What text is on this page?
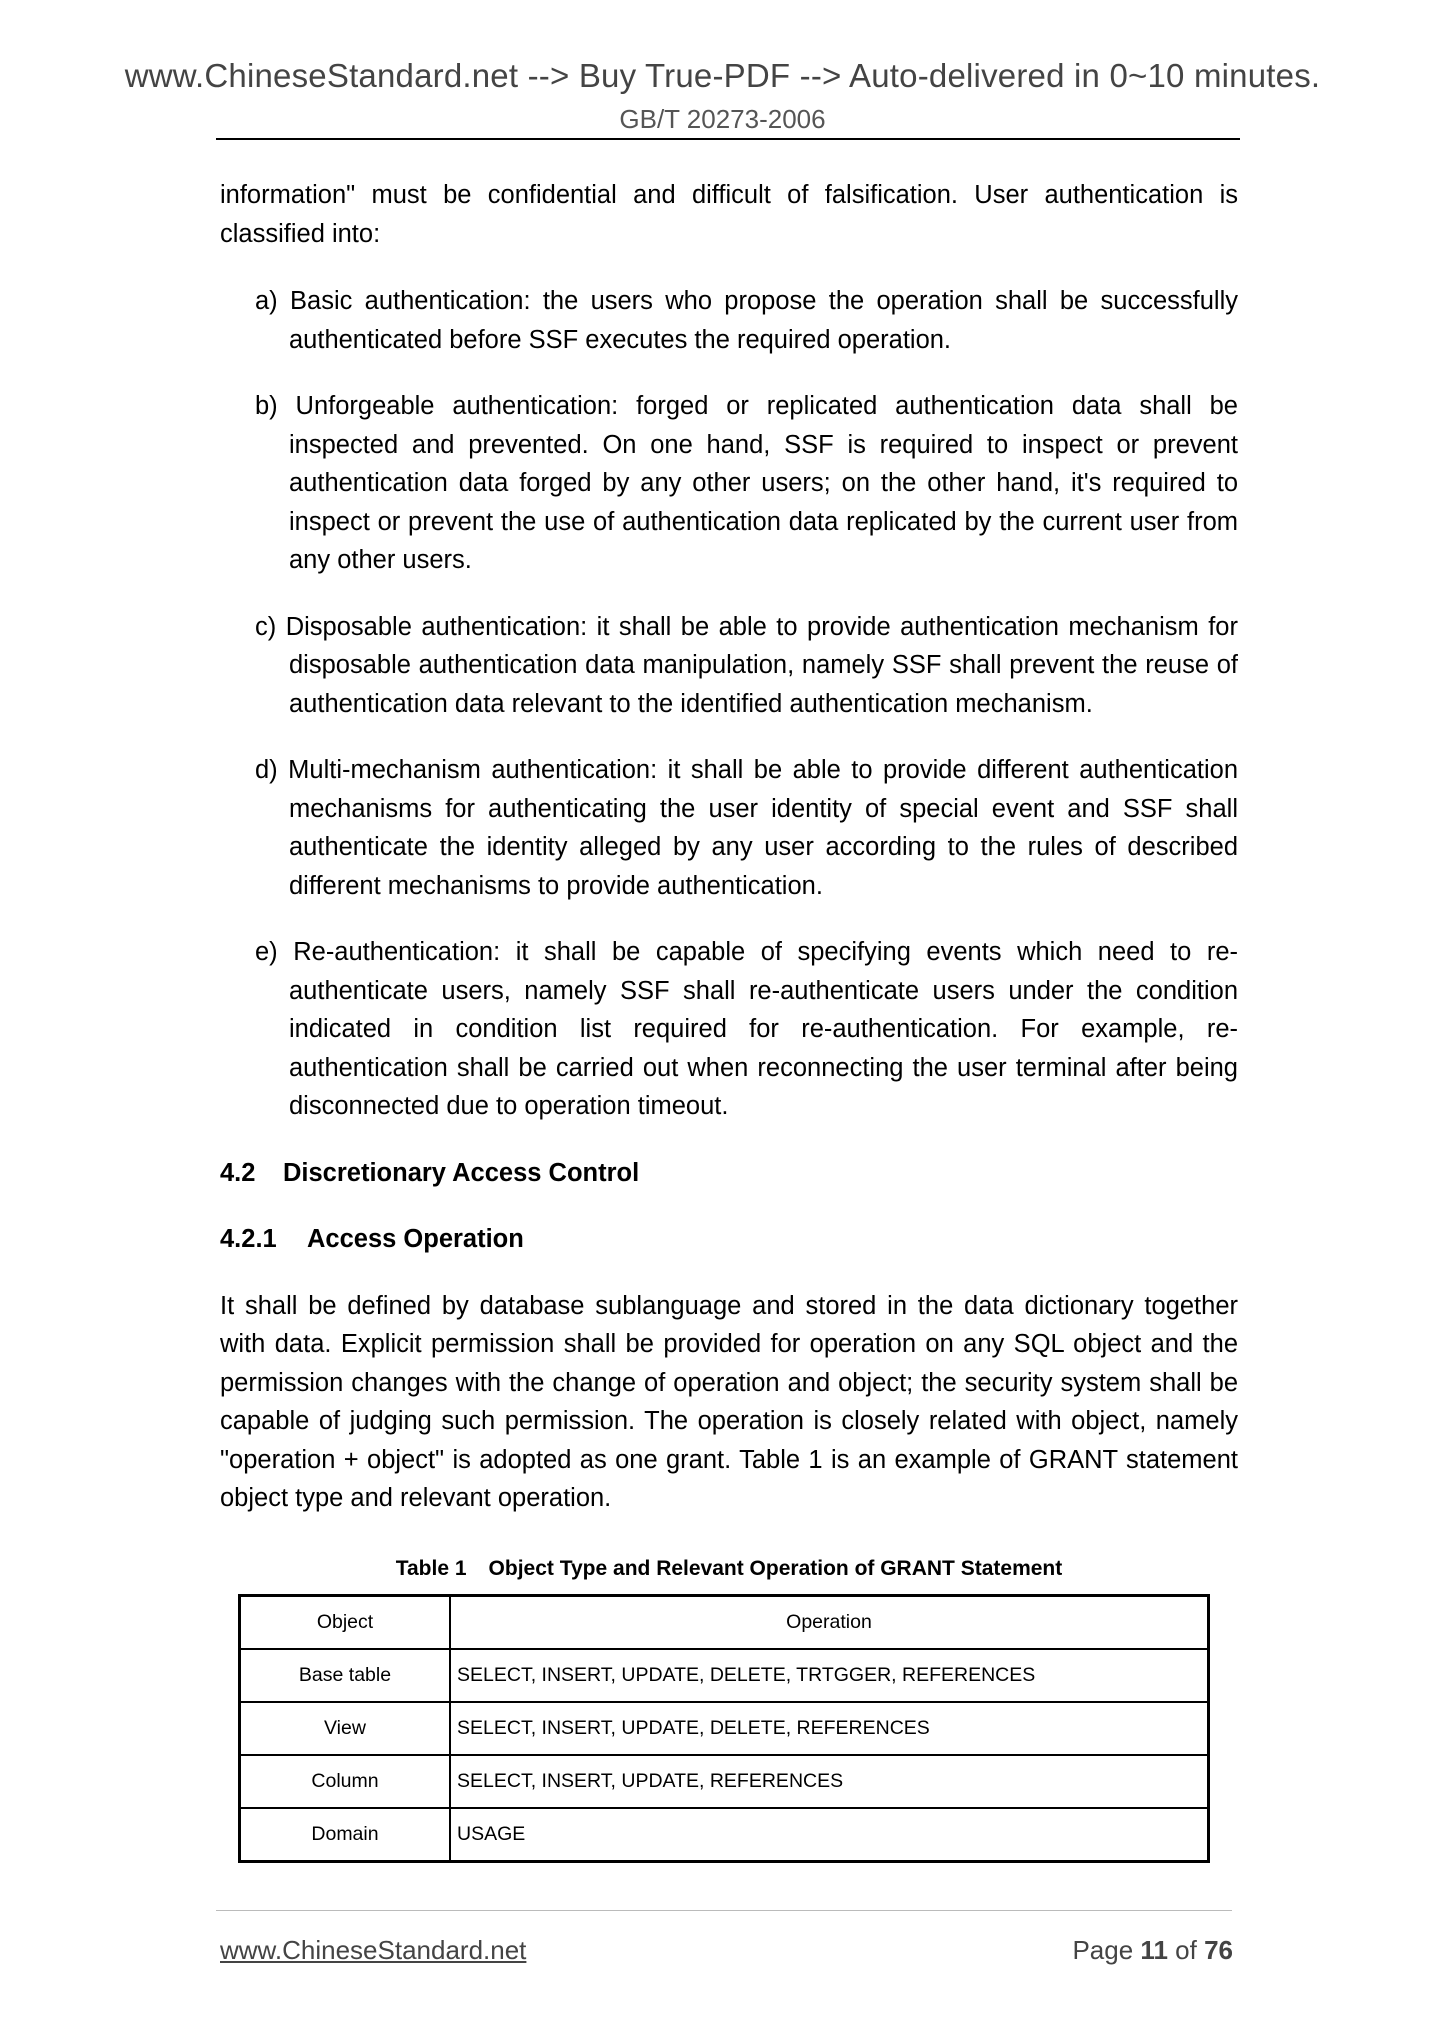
www.ChineseStandard.net --> Buy True-PDF --> Auto-delivered in 0~10 minutes.
GB/T 20273-2006

information" must be confidential and difficult of falsification. User authentication is classified into:

a) Basic authentication: the users who propose the operation shall be successfully authenticated before SSF executes the required operation.
b) Unforgeable authentication: forged or replicated authentication data shall be inspected and prevented. On one hand, SSF is required to inspect or prevent authentication data forged by any other users; on the other hand, it's required to inspect or prevent the use of authentication data replicated by the current user from any other users.
c) Disposable authentication: it shall be able to provide authentication mechanism for disposable authentication data manipulation, namely SSF shall prevent the reuse of authentication data relevant to the identified authentication mechanism.
d) Multi-mechanism authentication: it shall be able to provide different authentication mechanisms for authenticating the user identity of special event and SSF shall authenticate the identity alleged by any user according to the rules of described different mechanisms to provide authentication.
e) Re-authentication: it shall be capable of specifying events which need to re-authenticate users, namely SSF shall re-authenticate users under the condition indicated in condition list required for re-authentication. For example, re-authentication shall be carried out when reconnecting the user terminal after being disconnected due to operation timeout.
4.2 Discretionary Access Control
4.2.1 Access Operation

It shall be defined by database sublanguage and stored in the data dictionary together with data. Explicit permission shall be provided for operation on any SQL object and the permission changes with the change of operation and object; the security system shall be capable of judging such permission. The operation is closely related with object, namely "operation + object" is adopted as one grant. Table 1 is an example of GRANT statement object type and relevant operation.

Table 1 Object Type and Relevant Operation of GRANT Statement
Object	Operation
Base table	SELECT, INSERT, UPDATE, DELETE, TRTGGER, REFERENCES
View	SELECT, INSERT, UPDATE, DELETE, REFERENCES
Column	SELECT, INSERT, UPDATE, REFERENCES
Domain	USAGE
www.ChineseStandard.net	Page 11 of 76
